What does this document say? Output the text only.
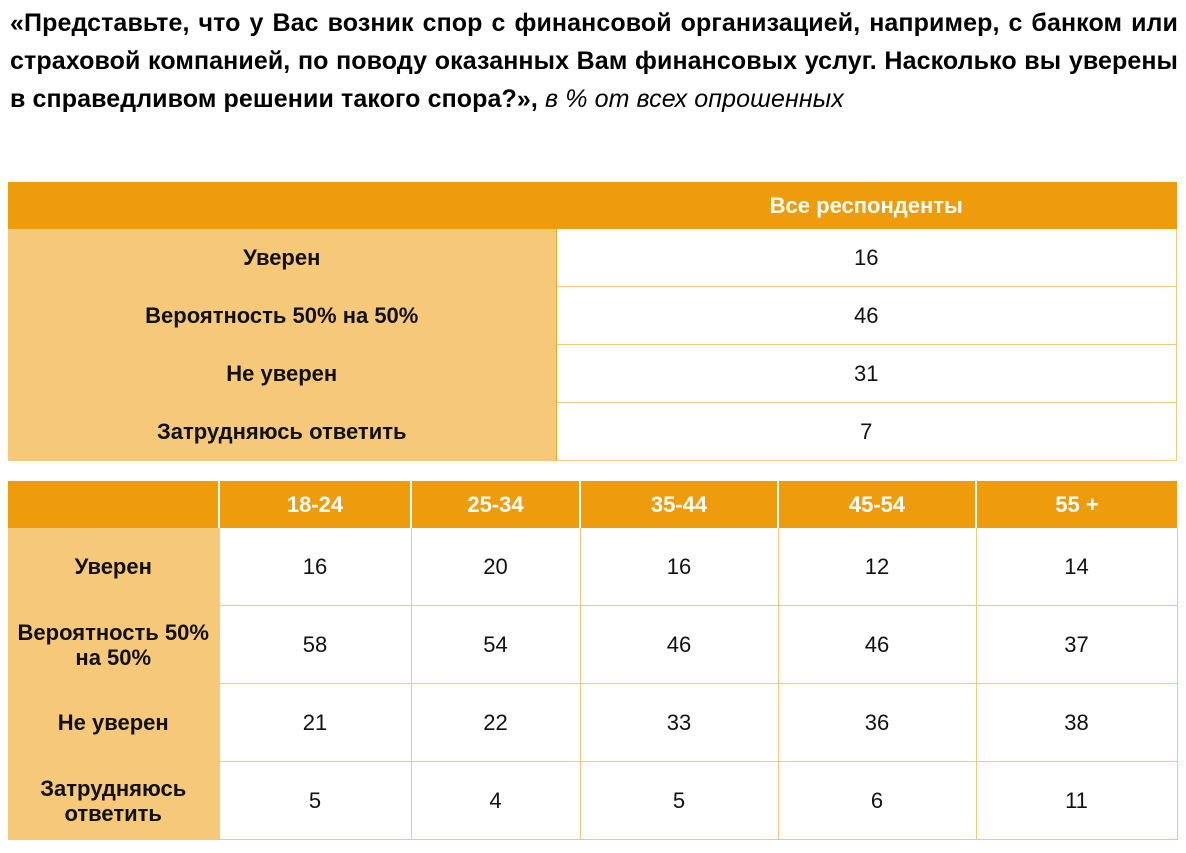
«Представьте, что у Вас возник спор с финансовой организацией, например, с банком или страховой компанией, по поводу оказанных Вам финансовых услуг. Насколько вы уверены в справедливом решении такого спора?», в % от всех опрошенных
	Все респонденты
Уверен	16
Вероятность 50% на 50%	46
Не уверен	31
Затрудняюсь ответить	7
	18-24	25-34	35-44	45-54	55 +
Уверен	16	20	16	12	14
Вероятность 50% на 50%	58	54	46	46	37
Не уверен	21	22	33	36	38
Затрудняюсь ответить	5	4	5	6	11
